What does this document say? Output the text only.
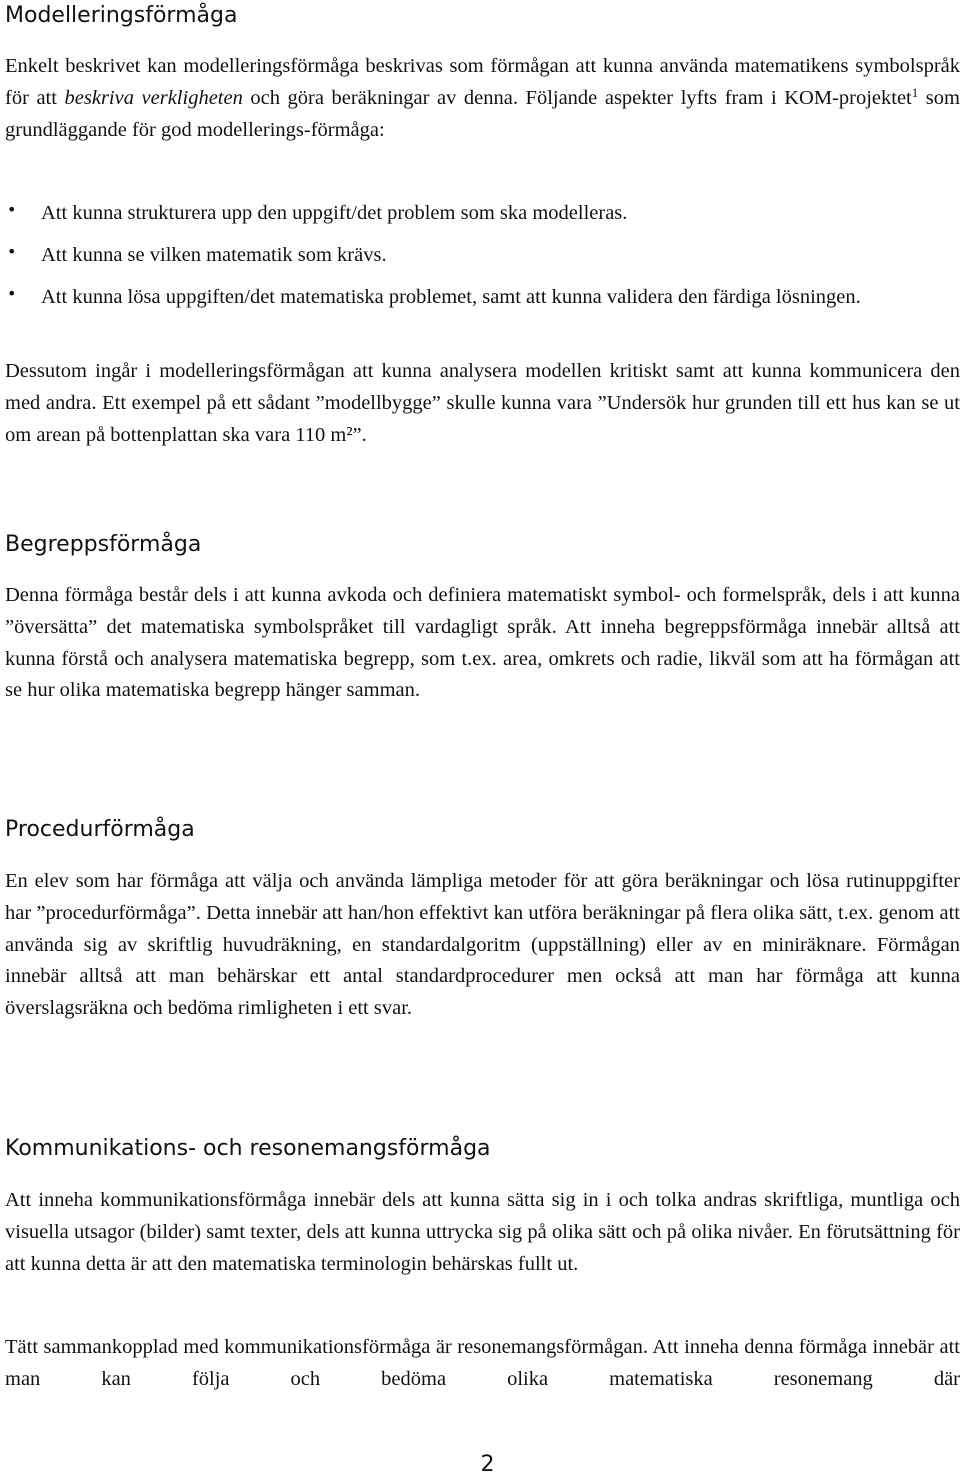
Modelleringsförmåga

Enkelt beskrivet kan modelleringsförmåga beskrivas som förmågan att kunna använda matematikens symbolspråk för att beskriva verkligheten och göra beräkningar av denna. Följande aspekter lyfts fram i KOM-projektet$^1$ som grundläggande för god modellerings-förmåga:

• Att kunna strukturera upp den uppgift/det problem som ska modelleras.
• Att kunna se vilken matematik som krävs.
• Att kunna lösa uppgiften/det matematiska problemet, samt att kunna validera den färdiga lösningen.

Dessutom ingår i modelleringsförmågan att kunna analysera modellen kritiskt samt att kunna kommunicera den med andra. Ett exempel på ett sådant ”modellbygge” skulle kunna vara ”Undersök hur grunden till ett hus kan se ut om arean på bottenplattan ska vara 110 m²”.

Begreppsförmåga

Denna förmåga består dels i att kunna avkoda och definiera matematiskt symbol- och formelspråk, dels i att kunna ”översätta” det matematiska symbolspråket till vardagligt språk. Att inneha begreppsförmåga innebär alltså att kunna förstå och analysera matematiska begrepp, som t.ex. area, omkrets och radie, likväl som att ha förmågan att se hur olika matematiska begrepp hänger samman.

Procedurförmåga

En elev som har förmåga att välja och använda lämpliga metoder för att göra beräkningar och lösa rutinuppgifter har ”procedurförmåga”. Detta innebär att han/hon effektivt kan utföra beräkningar på flera olika sätt, t.ex. genom att använda sig av skriftlig huvudräkning, en standardalgoritm (uppställning) eller av en miniräknare. Förmågan innebär alltså att man behärskar ett antal standardprocedurer men också att man har förmåga att kunna överslagsräkna och bedöma rimligheten i ett svar.

Kommunikations- och resonemangsförmåga

Att inneha kommunikationsförmåga innebär dels att kunna sätta sig in i och tolka andras skriftliga, muntliga och visuella utsagor (bilder) samt texter, dels att kunna uttrycka sig på olika sätt och på olika nivåer. En förutsättning för att kunna detta är att den matematiska terminologin behärskas fullt ut.

Tätt sammankopplad med kommunikationsförmåga är resonemangsförmågan. Att inneha denna förmåga innebär att man kan följa och bedöma olika matematiska resonemang där

2
